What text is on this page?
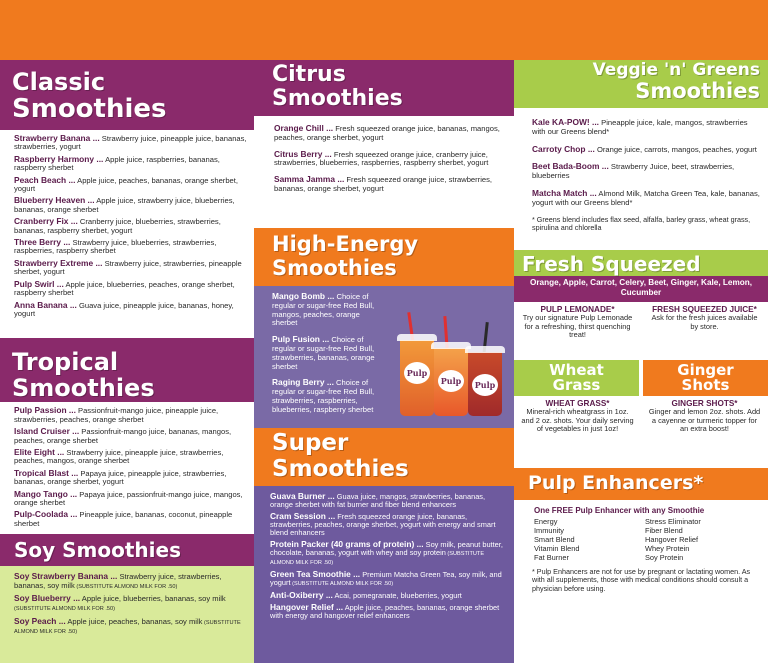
Classic
Smoothies
Strawberry Banana ... Strawberry juice, pineapple juice, bananas, strawberries, yogurt
Raspberry Harmony ... Apple juice, raspberries, bananas, raspberry sherbet
Peach Beach ... Apple juice, peaches, bananas, orange sherbet, yogurt
Blueberry Heaven ... Apple juice, strawberry juice, blueberries, bananas, orange sherbet
Cranberry Fix ... Cranberry juice, blueberries, strawberries, bananas, raspberry sherbet, yogurt
Three Berry ... Strawberry juice, blueberries, strawberries, raspberries, raspberry sherbet
Strawberry Extreme ... Strawberry juice, strawberries, pineapple sherbet, yogurt
Pulp Swirl ... Apple juice, blueberries, peaches, orange sherbet, raspberry sherbet
Anna Banana ... Guava juice, pineapple juice, bananas, honey, yogurt
Tropical
Smoothies
Pulp Passion ... Passionfruit-mango juice, pineapple juice, strawberries, peaches, orange sherbet
Island Cruiser ... Passionfruit-mango juice, bananas, mangos, peaches, orange sherbet
Elite Eight ... Strawberry juice, pineapple juice, strawberries, peaches, mangos, orange sherbet
Tropical Blast ... Papaya juice, pineapple juice, strawberries, bananas, orange sherbet, yogurt
Mango Tango ... Papaya juice, passionfruit-mango juice, mangos, orange sherbet
Pulp-Coolada ... Pineapple juice, bananas, coconut, pineapple sherbet
Soy Smoothies
Soy Strawberry Banana ... Strawberry juice, strawberries, bananas, soy milk (SUBSTITUTE ALMOND MILK FOR .50)
Soy Blueberry ... Apple juice, blueberries, bananas, soy milk (SUBSTITUTE ALMOND MILK FOR .50)
Soy Peach ... Apple juice, peaches, bananas, soy milk (SUBSTITUTE ALMOND MILK FOR .50)
Citrus
Smoothies
Orange Chill ... Fresh squeezed orange juice, bananas, mangos, peaches, orange sherbet, yogurt
Citrus Berry ... Fresh squeezed orange juice, cranberry juice, strawberries, blueberries, raspberries, raspberry sherbet, yogurt
Samma Jamma ... Fresh squeezed orange juice, strawberries, bananas, orange sherbet, yogurt
High-Energy
Smoothies
Mango Bomb ... Choice of regular or sugar-free Red Bull, mangos, peaches, orange sherbet
Pulp Fusion ... Choice of regular or sugar-free Red Bull, strawberries, bananas, orange sherbet
Raging Berry ... Choice of regular or sugar-free Red Bull, strawberries, raspberries, blueberries, raspberry sherbet
Pulp
Pulp	Pulp
Super
Smoothies
Guava Burner ... Guava juice, mangos, strawberries, bananas, orange sherbet with fat burner and fiber blend enhancers
Cram Session ... Fresh squeezed orange juice, bananas, strawberries, peaches, orange sherbet, yogurt with energy and smart blend enhancers
Protein Packer (40 grams of protein) ... Soy milk, peanut butter, chocolate, bananas, yogurt with whey and soy protein (SUBSTITUTE ALMOND MILK FOR .50)
Green Tea Smoothie ... Premium Matcha Green Tea, soy milk, and yogurt (SUBSTITUTE ALMOND MILK FOR .50)
Anti-Oxiberry ... Acai, pomegranate, blueberries, yogurt
Hangover Relief ... Apple juice, peaches, bananas, orange sherbet with energy and hangover relief enhancers
Veggie 'n' Greens
Smoothies
Kale KA-POW! ... Pineapple juice, kale, mangos, strawberries with our Greens blend*
Carroty Chop ... Orange juice, carrots, mangos, peaches, yogurt
Beet Bada-Boom ... Strawberry Juice, beet, strawberries, blueberries
Matcha Match ... Almond Milk, Matcha Green Tea, kale, bananas, yogurt with our Greens blend*
* Greens blend includes flax seed, alfalfa, barley grass, wheat grass, spirulina and chlorella
Fresh Squeezed
Orange, Apple, Carrot, Celery, Beet, Ginger, Kale, Lemon, Cucumber
PULP LEMONADE*
Try our signature Pulp Lemonade for a refreshing, thirst quenching treat!
FRESH SQUEEZED JUICE*
Ask for the fresh juices available by store.
Wheat
Grass
Ginger
Shots
WHEAT GRASS*
Mineral-rich wheatgrass in 1oz. and 2 oz. shots. Your daily serving of vegetables in just 1oz!
GINGER SHOTS*
Ginger and lemon 2oz. shots. Add a cayenne or turmeric topper for an extra boost!
Pulp Enhancers*
One FREE Pulp Enhancer with any Smoothie
Energy
Immunity
Smart Blend
Vitamin Blend
Fat Burner
Stress Eliminator
Fiber Blend
Hangover Relief
Whey Protein
Soy Protein
* Pulp Enhancers are not for use by pregnant or lactating women. As with all supplements, those with medical conditions should consult a physician before using.
